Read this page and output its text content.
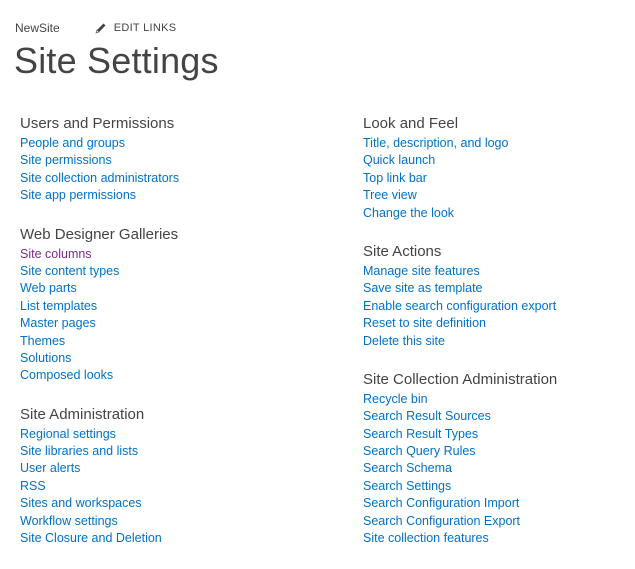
NewSite	EDIT LINKS
Site Settings
Users and Permissions
People and groups
Site permissions
Site collection administrators
Site app permissions
Web Designer Galleries
Site columns
Site content types
Web parts
List templates
Master pages
Themes
Solutions
Composed looks
Site Administration
Regional settings
Site libraries and lists
User alerts
RSS
Sites and workspaces
Workflow settings
Site Closure and Deletion
Look and Feel
Title, description, and logo
Quick launch
Top link bar
Tree view
Change the look
Site Actions
Manage site features
Save site as template
Enable search configuration export
Reset to site definition
Delete this site
Site Collection Administration
Recycle bin
Search Result Sources
Search Result Types
Search Query Rules
Search Schema
Search Settings
Search Configuration Import
Search Configuration Export
Site collection features
